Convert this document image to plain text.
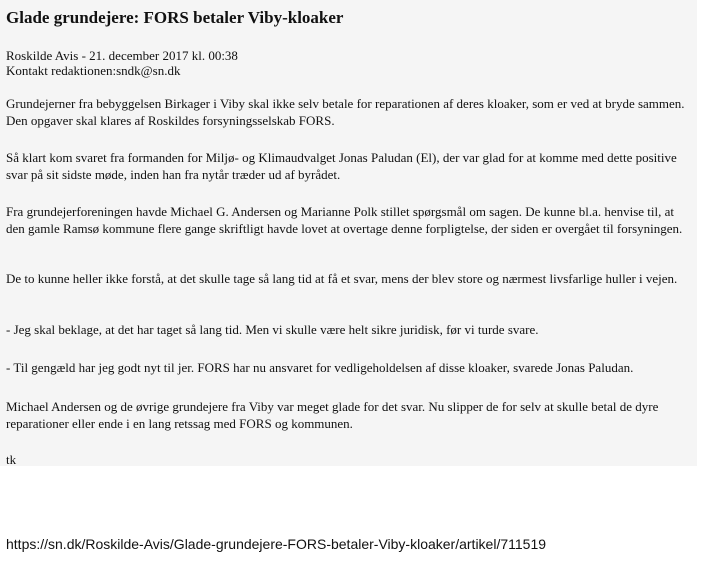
Glade grundejere: FORS betaler Viby-kloaker
Roskilde Avis - 21. december 2017 kl. 00:38
Kontakt redaktionen:sndk@sn.dk

Grundejerner fra bebyggelsen Birkager i Viby skal ikke selv betale for reparationen af deres kloaker, som er ved at bryde sammen. Den opgaver skal klares af Roskildes forsyningsselskab FORS.

Så klart kom svaret fra formanden for Miljø- og Klimaudvalget Jonas Paludan (El), der var glad for at komme med dette positive svar på sit sidste møde, inden han fra nytår træder ud af byrådet.

Fra grundejerforeningen havde Michael G. Andersen og Marianne Polk stillet spørgsmål om sagen. De kunne bl.a. henvise til, at den gamle Ramsø kommune flere gange skriftligt havde lovet at overtage denne forpligtelse, der siden er overgået til forsyningen.

De to kunne heller ikke forstå, at det skulle tage så lang tid at få et svar, mens der blev store og nærmest livsfarlige huller i vejen.

- Jeg skal beklage, at det har taget så lang tid. Men vi skulle være helt sikre juridisk, før vi turde svare.

- Til gengæld har jeg godt nyt til jer. FORS har nu ansvaret for vedligeholdelsen af disse kloaker, svarede Jonas Paludan.

Michael Andersen og de øvrige grundejere fra Viby var meget glade for det svar. Nu slipper de for selv at skulle betal de dyre reparationer eller ende i en lang retssag med FORS og kommunen.

tk

https://sn.dk/Roskilde-Avis/Glade-grundejere-FORS-betaler-Viby-kloaker/artikel/711519
